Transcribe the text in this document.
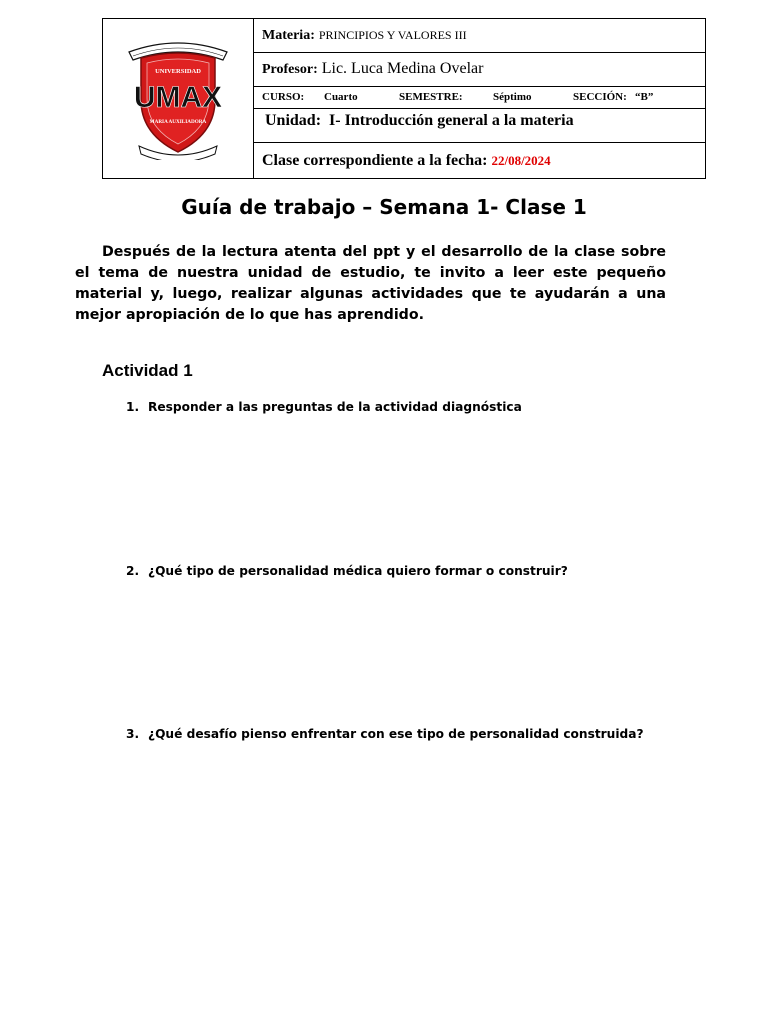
UNIVERSIDAD
UMAX
MARIA AUXILIADORA
	Materia: PRINCIPIOS Y VALORES III
Profesor: Lic. Luca Medina Ovelar
CURSO: Cuarto	SEMESTRE:	Séptimo	SECCIÓN: “B”
Unidad: I- Introducción general a la materia
Clase correspondiente a la fecha: 22/08/2024
Guía de trabajo – Semana 1- Clase 1

Después de la lectura atenta del ppt y el desarrollo de la clase sobre el tema de nuestra unidad de estudio, te invito a leer este pequeño material y, luego, realizar algunas actividades que te ayudarán a una mejor apropiación de lo que has aprendido.

Actividad 1
1. Responder a las preguntas de la actividad diagnóstica
2. ¿Qué tipo de personalidad médica quiero formar o construir?
3. ¿Qué desafío pienso enfrentar con ese tipo de personalidad construida?
